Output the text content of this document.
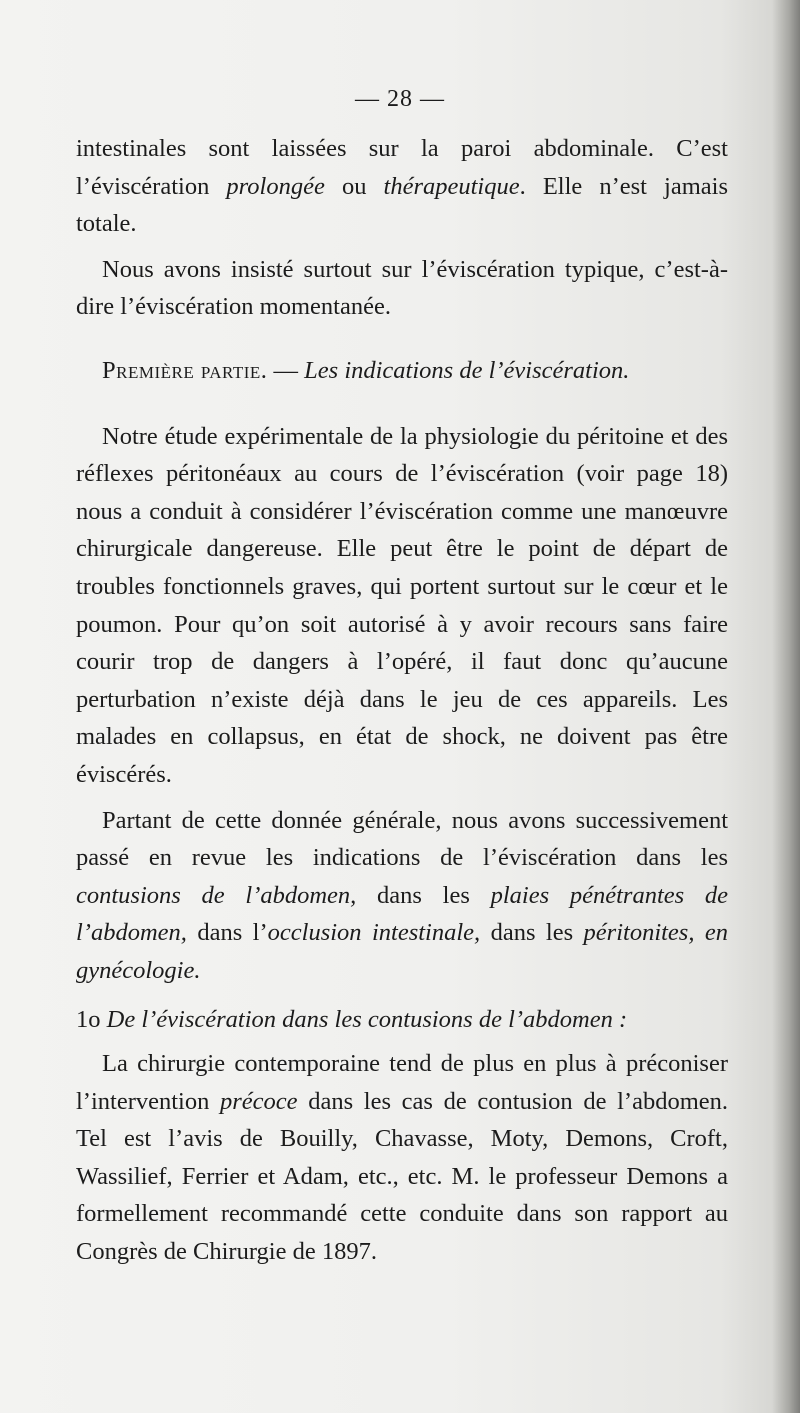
— 28 —

intestinales sont laissées sur la paroi abdominale. C’est l’éviscération prolongée ou thérapeutique. Elle n’est jamais totale.

Nous avons insisté surtout sur l’éviscération typique, c’est-à-dire l’éviscération momentanée.

Première partie. — Les indications de l’éviscération.

Notre étude expérimentale de la physiologie du péritoine et des réflexes péritonéaux au cours de l’éviscération (voir page 18) nous a conduit à considérer l’éviscération comme une manœuvre chirurgicale dangereuse. Elle peut être le point de départ de troubles fonctionnels graves, qui portent surtout sur le cœur et le poumon. Pour qu’on soit autorisé à y avoir recours sans faire courir trop de dangers à l’opéré, il faut donc qu’aucune perturbation n’existe déjà dans le jeu de ces appareils. Les malades en collapsus, en état de shock, ne doivent pas être éviscérés.

Partant de cette donnée générale, nous avons successivement passé en revue les indications de l’éviscération dans les contusions de l’abdomen, dans les plaies pénétrantes de l’abdomen, dans l’occlusion intestinale, dans les péritonites, en gynécologie.

1o De l’éviscération dans les contusions de l’abdomen :

La chirurgie contemporaine tend de plus en plus à préconiser l’intervention précoce dans les cas de contusion de l’abdomen. Tel est l’avis de Bouilly, Chavasse, Moty, Demons, Croft, Wassilief, Ferrier et Adam, etc., etc. M. le professeur Demons a formellement recommandé cette conduite dans son rapport au Congrès de Chirurgie de 1897.
